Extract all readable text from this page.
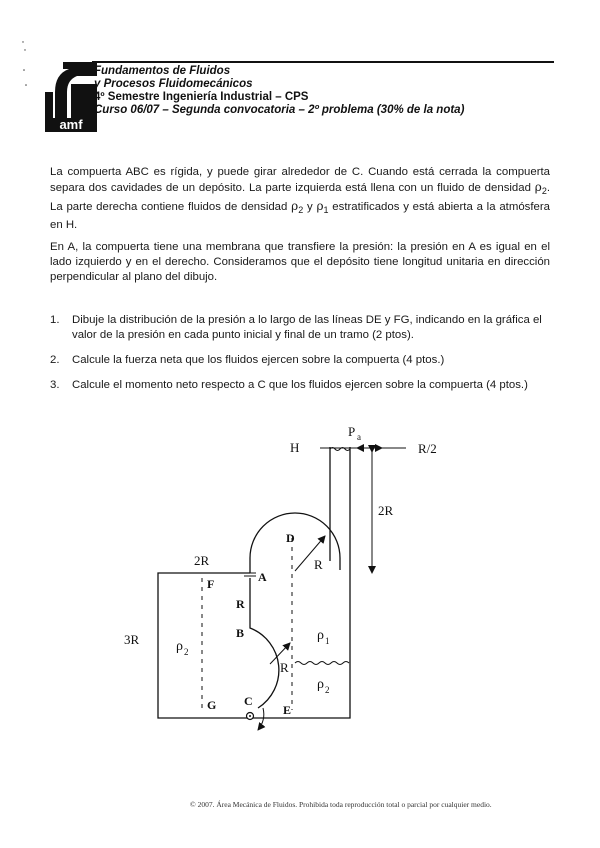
amf
Fundamentos de Fluidos
y Procesos Fluidomecánicos
4º Semestre Ingeniería Industrial – CPS
Curso 06/07 – Segunda convocatoria – 2º problema (30% de la nota)

La compuerta ABC es rígida, y puede girar alrededor de C. Cuando está cerrada la compuerta separa dos cavidades de un depósito. La parte izquierda está llena con un fluido de densidad $\rho_2$. La parte derecha contiene fluidos de densidad $\rho_2$ y $\rho_1$ estratificados y está abierta a la atmósfera en H.

En A, la compuerta tiene una membrana que transfiere la presión: la presión en A es igual en el lado izquierdo y en el derecho. Consideramos que el depósito tiene longitud unitaria en dirección perpendicular al plano del dibujo.

1.	Dibuje la distribución de la presión a lo largo de las líneas DE y FG, indicando en la gráfica el valor de la presión en cada punto inicial y final de un tramo (2 ptos).
2.	Calcule la fuerza neta que los fluidos ejercen sobre la compuerta (4 ptos.)
3.	Calcule el momento neto respecto a C que los fluidos ejercen sobre la compuerta (4 ptos.)
H
P a
R/2
2R
2R
3R
D
A
F
R
B
C
E
G
R
R
ρ 2
ρ 1
ρ 2
© 2007. Área Mecánica de Fluidos. Prohibida toda reproducción total o parcial por cualquier medio.
